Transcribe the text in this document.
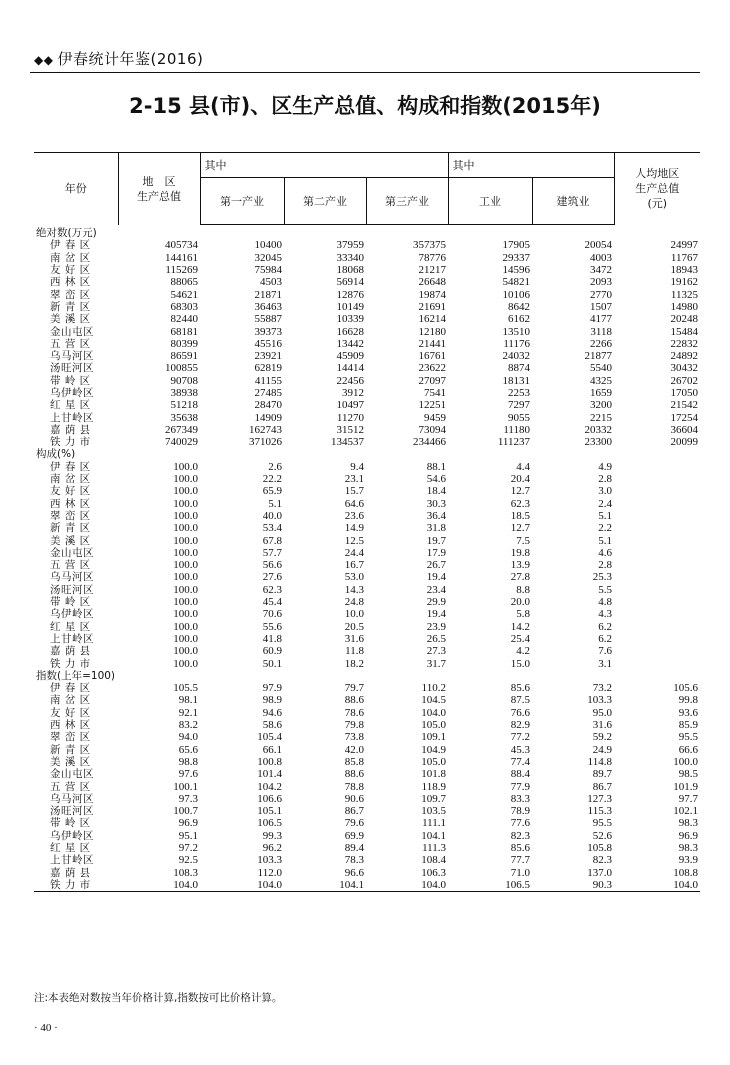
◆◆ 伊春统计年鉴(2016)
2-15 县(市)、区生产总值、构成和指数(2015年)
年份	地　区
生产总值	其中			其中		人均地区
生产总值
(元)
		第一产业	第二产业	第三产业	工业	建筑业	
绝对数(万元)							
伊 春 区	405734	10400	37959	357375	17905	20054	24997
南 岔 区	144161	32045	33340	78776	29337	4003	11767
友 好 区	115269	75984	18068	21217	14596	3472	18943
西 林 区	88065	4503	56914	26648	54821	2093	19162
翠 峦 区	54621	21871	12876	19874	10106	2770	11325
新 青 区	68303	36463	10149	21691	8642	1507	14980
美 溪 区	82440	55887	10339	16214	6162	4177	20248
金山屯区	68181	39373	16628	12180	13510	3118	15484
五 营 区	80399	45516	13442	21441	11176	2266	22832
乌马河区	86591	23921	45909	16761	24032	21877	24892
汤旺河区	100855	62819	14414	23622	8874	5540	30432
带 岭 区	90708	41155	22456	27097	18131	4325	26702
乌伊岭区	38938	27485	3912	7541	2253	1659	17050
红 星 区	51218	28470	10497	12251	7297	3200	21542
上甘岭区	35638	14909	11270	9459	9055	2215	17254
嘉 荫 县	267349	162743	31512	73094	11180	20332	36604
铁 力 市	740029	371026	134537	234466	111237	23300	20099
构成(%)							
伊 春 区	100.0	2.6	9.4	88.1	4.4	4.9	
南 岔 区	100.0	22.2	23.1	54.6	20.4	2.8	
友 好 区	100.0	65.9	15.7	18.4	12.7	3.0	
西 林 区	100.0	5.1	64.6	30.3	62.3	2.4	
翠 峦 区	100.0	40.0	23.6	36.4	18.5	5.1	
新 青 区	100.0	53.4	14.9	31.8	12.7	2.2	
美 溪 区	100.0	67.8	12.5	19.7	7.5	5.1	
金山屯区	100.0	57.7	24.4	17.9	19.8	4.6	
五 营 区	100.0	56.6	16.7	26.7	13.9	2.8	
乌马河区	100.0	27.6	53.0	19.4	27.8	25.3	
汤旺河区	100.0	62.3	14.3	23.4	8.8	5.5	
带 岭 区	100.0	45.4	24.8	29.9	20.0	4.8	
乌伊岭区	100.0	70.6	10.0	19.4	5.8	4.3	
红 星 区	100.0	55.6	20.5	23.9	14.2	6.2	
上甘岭区	100.0	41.8	31.6	26.5	25.4	6.2	
嘉 荫 县	100.0	60.9	11.8	27.3	4.2	7.6	
铁 力 市	100.0	50.1	18.2	31.7	15.0	3.1	
指数(上年=100)							
伊 春 区	105.5	97.9	79.7	110.2	85.6	73.2	105.6
南 岔 区	98.1	98.9	88.6	104.5	87.5	103.3	99.8
友 好 区	92.1	94.6	78.6	104.0	76.6	95.0	93.6
西 林 区	83.2	58.6	79.8	105.0	82.9	31.6	85.9
翠 峦 区	94.0	105.4	73.8	109.1	77.2	59.2	95.5
新 青 区	65.6	66.1	42.0	104.9	45.3	24.9	66.6
美 溪 区	98.8	100.8	85.8	105.0	77.4	114.8	100.0
金山屯区	97.6	101.4	88.6	101.8	88.4	89.7	98.5
五 营 区	100.1	104.2	78.8	118.9	77.9	86.7	101.9
乌马河区	97.3	106.6	90.6	109.7	83.3	127.3	97.7
汤旺河区	100.7	105.1	86.7	103.5	78.9	115.3	102.1
带 岭 区	96.9	106.5	79.6	111.1	77.6	95.5	98.3
乌伊岭区	95.1	99.3	69.9	104.1	82.3	52.6	96.9
红 星 区	97.2	96.2	89.4	111.3	85.6	105.8	98.3
上甘岭区	92.5	103.3	78.3	108.4	77.7	82.3	93.9
嘉 荫 县	108.3	112.0	96.6	106.3	71.0	137.0	108.8
铁 力 市	104.0	104.0	104.1	104.0	106.5	90.3	104.0
注:本表绝对数按当年价格计算,指数按可比价格计算。
· 40 ·
